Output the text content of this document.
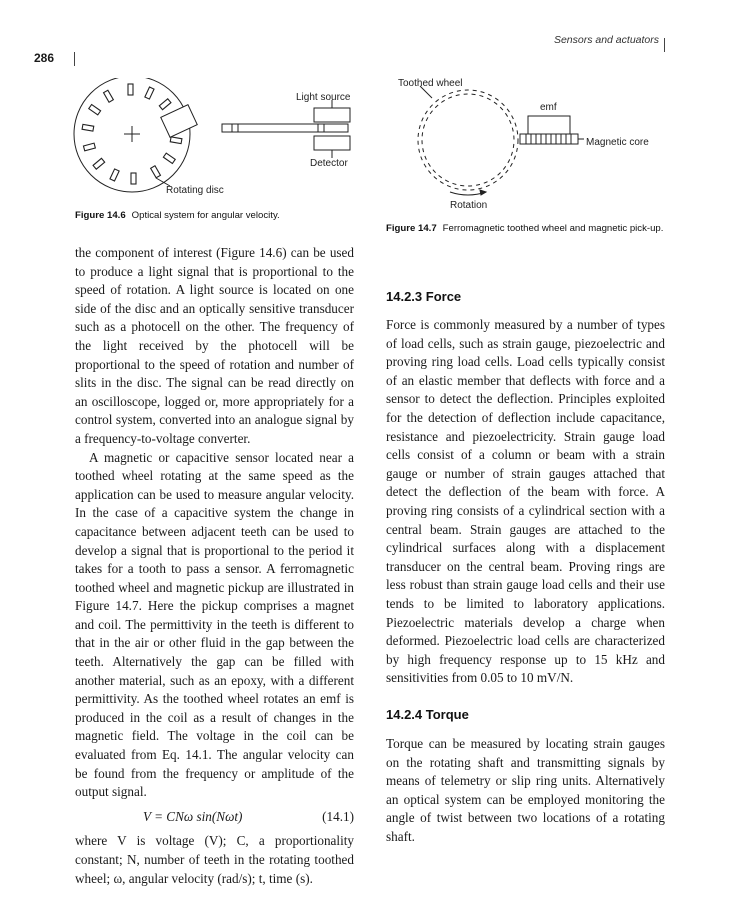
Sensors and actuators
286
Light source
Detector
Rotating disc
Figure 14.6 Optical system for angular velocity.
Toothed wheel
emf
Magnetic core
Rotation
Figure 14.7 Ferromagnetic toothed wheel and magnetic pick-up.

the component of interest (Figure 14.6) can be used to produce a light signal that is proportional to the speed of rotation. A light source is located on one side of the disc and an optically sensitive transducer such as a photocell on the other. The frequency of the light received by the photocell will be proportional to the speed of rotation and number of slits in the disc. The signal can be read directly on an oscilloscope, logged or, more appropriately for a control system, converted into an analogue signal by a frequency-to-voltage converter.

A magnetic or capacitive sensor located near a toothed wheel rotating at the same speed as the application can be used to measure angular velocity. In the case of a capacitive system the change in capacitance between adjacent teeth can be used to develop a signal that is proportional to the period it takes for a tooth to pass a sensor. A ferromagnetic toothed wheel and magnetic pickup are illustrated in Figure 14.7. Here the pickup comprises a magnet and coil. The permittivity in the teeth is different to that in the air or other fluid in the gap between the teeth. Alternatively the gap can be filled with another material, such as an epoxy, with a different permittivity. As the toothed wheel rotates an emf is produced in the coil as a result of changes in the magnetic field. The voltage in the coil can be evaluated from Eq. 14.1. The angular velocity can be found from the frequency or amplitude of the output signal.

V = CNω sin(Nωt)	(14.1)

where V is voltage (V); C, a proportionality constant; N, number of teeth in the rotating toothed wheel; ω, angular velocity (rad/s); t, time (s).

14.2.3 Force

Force is commonly measured by a number of types of load cells, such as strain gauge, piezoelectric and proving ring load cells. Load cells typically consist of an elastic member that deflects with force and a sensor to detect the deflection. Principles exploited for the detection of deflection include capacitance, resistance and piezoelectricity. Strain gauge load cells consist of a column or beam with a strain gauge or number of strain gauges attached that detect the deflection of the beam with force. A proving ring consists of a cylindrical section with a central beam. Strain gauges are attached to the cylindrical surfaces along with a displacement transducer on the central beam. Proving rings are less robust than strain gauge load cells and their use tends to be limited to laboratory applications. Piezoelectric materials develop a charge when deformed. Piezoelectric load cells are characterized by high frequency response up to 15 kHz and sensitivities from 0.05 to 10 mV/N.

14.2.4 Torque

Torque can be measured by locating strain gauges on the rotating shaft and transmitting signals by means of telemetry or slip ring units. Alternatively an optical system can be employed monitoring the angle of twist between two locations of a rotating shaft.
